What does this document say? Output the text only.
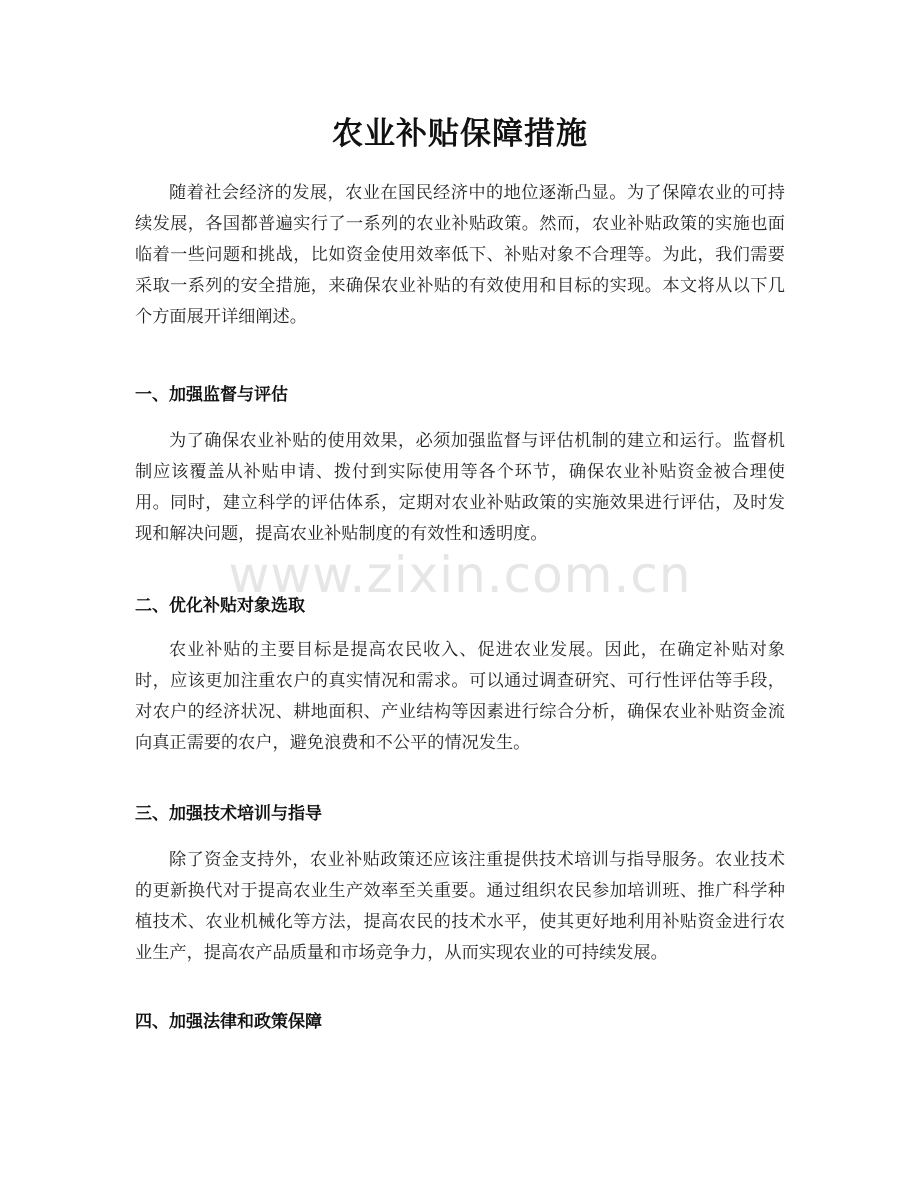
农业补贴保障措施
随着社会经济的发展，农业在国民经济中的地位逐渐凸显。为了保障农业的可持续发展，各国都普遍实行了一系列的农业补贴政策。然而，农业补贴政策的实施也面临着一些问题和挑战，比如资金使用效率低下、补贴对象不合理等。为此，我们需要采取一系列的安全措施，来确保农业补贴的有效使用和目标的实现。本文将从以下几个方面展开详细阐述。
一、加强监督与评估
为了确保农业补贴的使用效果，必须加强监督与评估机制的建立和运行。监督机制应该覆盖从补贴申请、拨付到实际使用等各个环节，确保农业补贴资金被合理使用。同时，建立科学的评估体系，定期对农业补贴政策的实施效果进行评估，及时发现和解决问题，提高农业补贴制度的有效性和透明度。
二、优化补贴对象选取
农业补贴的主要目标是提高农民收入、促进农业发展。因此，在确定补贴对象时，应该更加注重农户的真实情况和需求。可以通过调查研究、可行性评估等手段，对农户的经济状况、耕地面积、产业结构等因素进行综合分析，确保农业补贴资金流向真正需要的农户，避免浪费和不公平的情况发生。
三、加强技术培训与指导
除了资金支持外，农业补贴政策还应该注重提供技术培训与指导服务。农业技术的更新换代对于提高农业生产效率至关重要。通过组织农民参加培训班、推广科学种植技术、农业机械化等方法，提高农民的技术水平，使其更好地利用补贴资金进行农业生产，提高农产品质量和市场竞争力，从而实现农业的可持续发展。
四、加强法律和政策保障
www.zixin.com.cn
